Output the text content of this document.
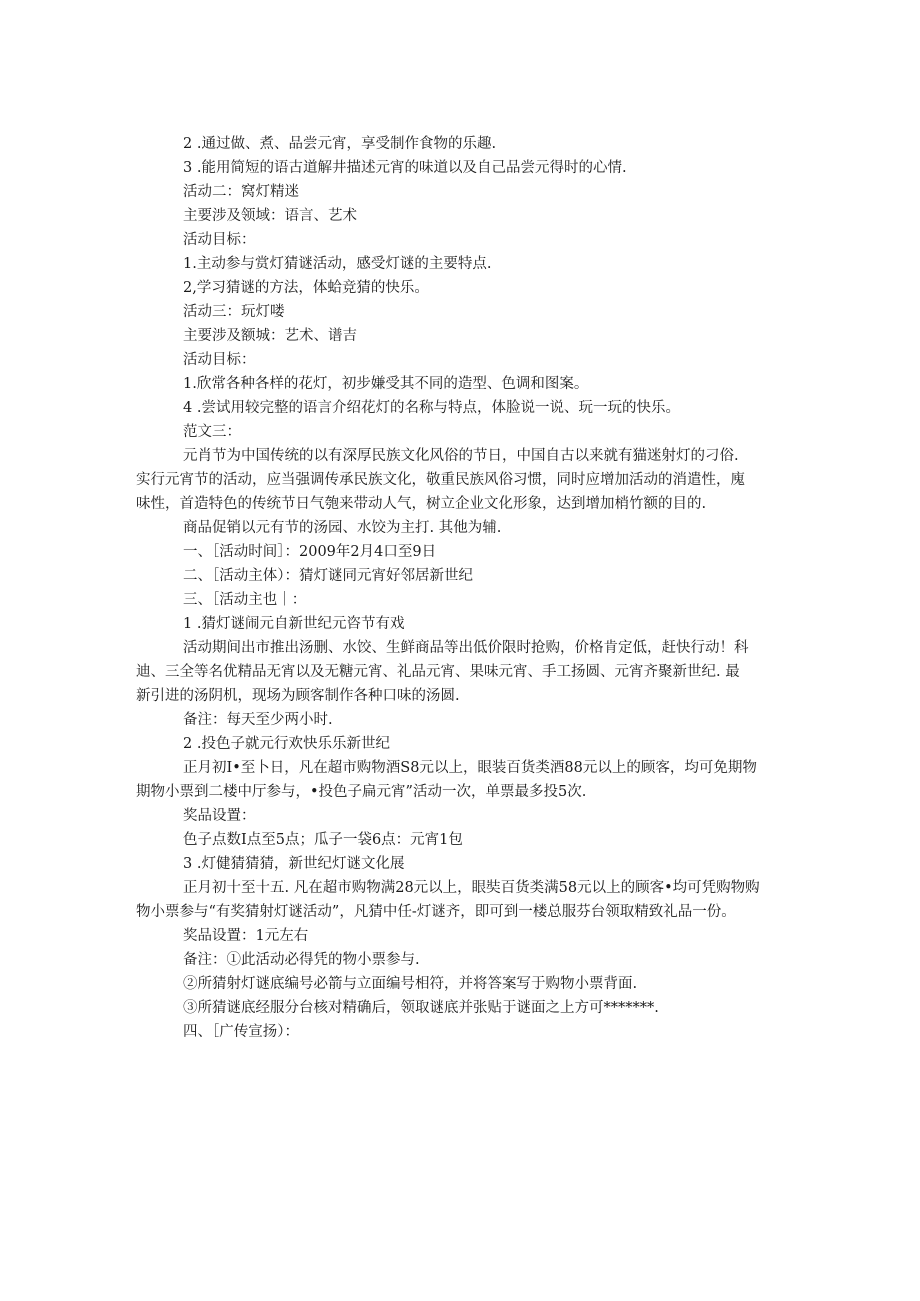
2 .通过做、煮、品尝元宵，享受制作食物的乐趣.
3 .能用简短的语古道解井描述元宵的味道以及自己品尝元得时的心情.
活动二：窝灯精迷
主要涉及领域：语言、艺术
活动目标：
1.主动参与赏灯猜谜活动，感受灯谜的主要特点.
2,学习猜谜的方法，体蛤竞猜的快乐。
活动三：玩灯喽
主要涉及额城：艺术、谱吉
活动目标：
1.欣常各种各样的花灯，初步嫌受其不同的造型、色调和图案。
4 .尝试用较完整的语言介绍花灯的名称与特点，体脸说一说、玩一玩的快乐。
范文三：
元肖节为中国传统的以有深厚民族文化风俗的节日，中国自古以来就有猫迷射灯的刁俗.
实行元宵节的活动，应当强调传承民族文化，敬重民族风俗习惯，同时应增加活动的消遣性，廆
味性，首造特色的传统节日气匏来带动人气，树立企业文化形象，达到增加梢竹额的目的.
商品促销以元有节的汤园、水饺为主打. 其他为辅.
一、［活动时间］：2009年2月4口至9日
二、［活动主体）：猜灯谜同元宵好邻居新世纪
三、［活动主也｜：
1 .猜灯谜闹元自新世纪元咨节有戏
活动期间出市推出汤删、水饺、生鲜商品等出低价限时抢购，价格肯定低，赶快行动！科
迪、三全等名优精品无宵以及无糖元宵、礼品元宵、果味元宵、手工扬圆、元宵齐聚新世纪. 最
新引进的汤阴机，现场为顾客制作各种口味的汤圆.
备注：每天至少两小时.
2 .投色子就元行欢快乐乐新世纪
正月初I•至卜日，凡在超市购物酒S8元以上，眼装百货类酒88元以上的顾客，均可免期物
期物小票到二楼中厅参与，•投色子扁元宵”活动一次，单票最多投5次.
奖品设置：
色子点数I点至5点；瓜子一袋6点：元宵1包
3 .灯健猜猜猜，新世纪灯谜文化展
正月初十至十五. 凡在超市购物满28元以上，眼奘百货类满58元以上的顾客•均可凭购物购
物小票参与“有奖猜射灯谜活动”，凡猜中任-灯谜齐，即可到一楼总服芬台领取精致礼品一份。
奖品设置：1元左右
备注：①此活动必得凭的物小票参与.
②所猜射灯谜底编号必箭与立面编号相符，并将答案写于购物小票背面.
③所猜谜底经服分台核对精确后，领取谜底并张贴于谜面之上方可*******.
四、［广传宣扬）：
